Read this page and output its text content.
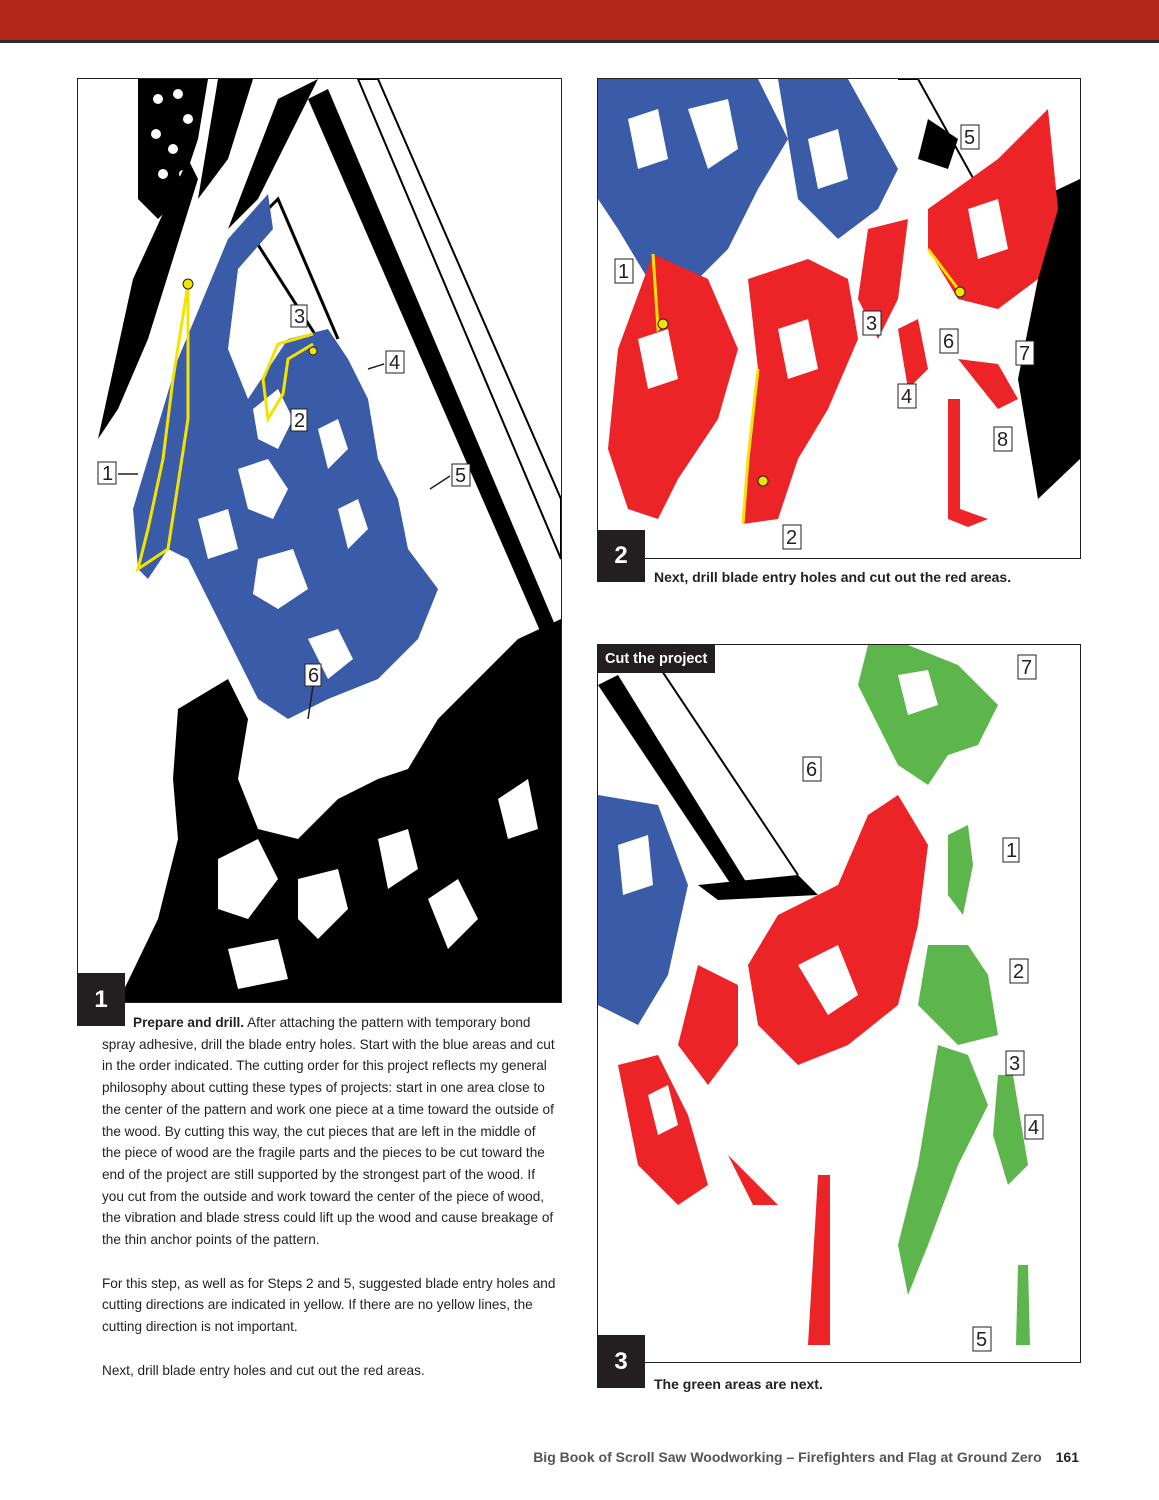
1
2
3
4
5
6
1

Prepare and drill. After attaching the pattern with temporary bond spray adhesive, drill the blade entry holes. Start with the blue areas and cut in the order indicated. The cutting order for this project reflects my general philosophy about cutting these types of projects: start in one area close to the center of the pattern and work one piece at a time toward the outside of the wood. By cutting this way, the cut pieces that are left in the middle of the piece of wood are the fragile parts and the pieces to be cut toward the end of the project are still supported by the strongest part of the wood. If you cut from the outside and work toward the center of the piece of wood, the vibration and blade stress could lift up the wood and cause breakage of the thin anchor points of the pattern.

For this step, as well as for Steps 2 and 5, suggested blade entry holes and cutting directions are indicated in yellow. If there are no yellow lines, the cutting direction is not important.

Next, drill blade entry holes and cut out the red areas.

1
2
3
4
5
6
7
8
2
Next, drill blade entry holes and cut out the red areas.
1
2
3
4
5
6
7
Cut the project
3
The green areas are next.
Big Book of Scroll Saw Woodworking – Firefighters and Flag at Ground Zero 161
